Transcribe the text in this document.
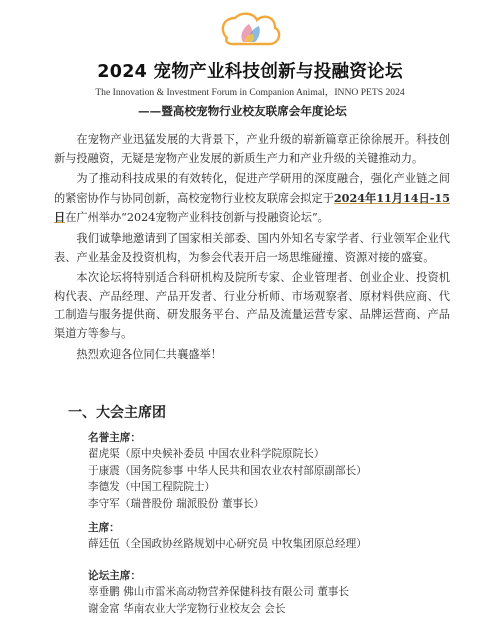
2024 宠物产业科技创新与投融资论坛
The Innovation & Investment Forum in Companion Animal，INNO PETS 2024
——暨高校宠物行业校友联席会年度论坛

在宠物产业迅猛发展的大背景下，产业升级的崭新篇章正徐徐展开。科技创新与投融资，无疑是宠物产业发展的新质生产力和产业升级的关键推动力。

为了推动科技成果的有效转化，促进产学研用的深度融合，强化产业链之间的紧密协作与协同创新，高校宠物行业校友联席会拟定于2024年11月14日-15日在广州举办“2024宠物产业科技创新与投融资论坛”。

我们诚挚地邀请到了国家相关部委、国内外知名专家学者、行业领军企业代表、产业基金及投资机构，为参会代表开启一场思维碰撞、资源对接的盛宴。

本次论坛将特别适合科研机构及院所专家、企业管理者、创业企业、投资机构代表、产品经理、产品开发者、行业分析师、市场观察者、原材料供应商、代工制造与服务提供商、研发服务平台、产品及流量运营专家、品牌运营商、产品渠道方等参与。

热烈欢迎各位同仁共襄盛举！

一、大会主席团
名誉主席：
翟虎渠（原中央候补委员 中国农业科学院原院长）
于康震（国务院参事 中华人民共和国农业农村部原副部长）
李德发（中国工程院院士）
李守军（瑞普股份 瑞派股份 董事长）
主席：
薛廷伍（全国政协丝路规划中心研究员 中牧集团原总经理）
论坛主席：
辜垂鹏 佛山市雷米高动物营养保健科技有限公司 董事长
谢金富 华南农业大学宠物行业校友会 会长
